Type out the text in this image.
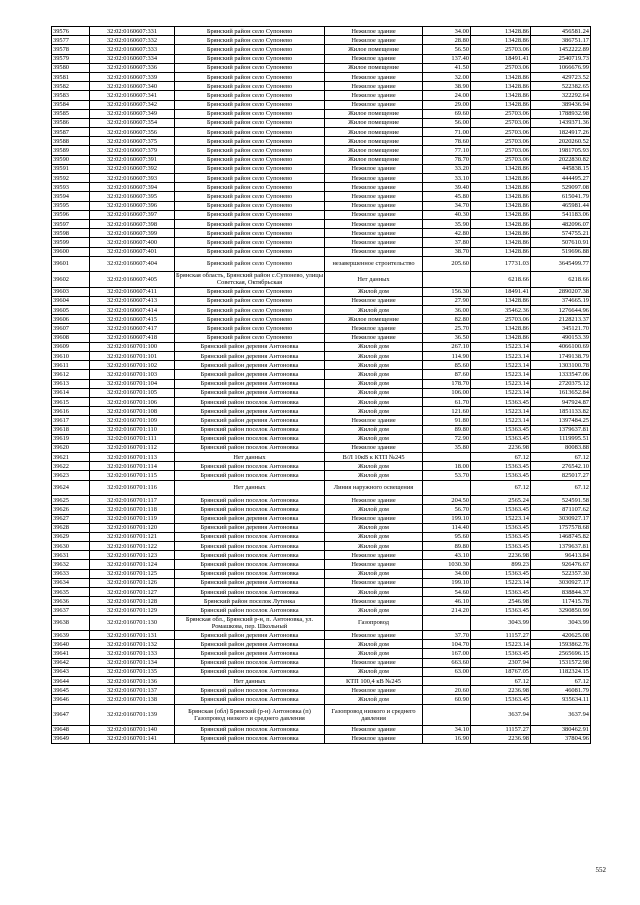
39576	32:02:0160607:331	Брянский район село Супонево	Нежилое здание	34.00	13428.86	456581.24
39577	32:02:0160607:332	Брянский район село Супонево	Нежилое здание	28.80	13428.86	386751.17
39578	32:02:0160607:333	Брянский район село Супонево	Жилое помещение	56.50	25703.06	1452222.89
39579	32:02:0160607:334	Брянский район село Супонево	Нежилое здание	137.40	18491.41	2540719.73
39580	32:02:0160607:336	Брянский район село Супонево	Жилое помещение	41.50	25703.06	1066676.99
39581	32:02:0160607:339	Брянский район село Супонево	Нежилое здание	32.00	13428.86	429723.52
39582	32:02:0160607:340	Брянский район село Супонево	Нежилое здание	38.90	13428.86	522382.65
39583	32:02:0160607:341	Брянский район село Супонево	Нежилое здание	24.00	13428.86	322292.64
39584	32:02:0160607:342	Брянский район село Супонево	Нежилое здание	29.00	13428.86	389436.94
39585	32:02:0160607:349	Брянский район село Супонево	Жилое помещение	69.60	25703.06	1788932.98
39586	32:02:0160607:354	Брянский район село Супонево	Жилое помещение	56.00	25703.06	1439371.36
39587	32:02:0160607:356	Брянский район село Супонево	Жилое помещение	71.00	25703.06	1824917.26
39588	32:02:0160607:375	Брянский район село Супонево	Жилое помещение	78.60	25703.06	2020260.52
39589	32:02:0160607:379	Брянский район село Супонево	Жилое помещение	77.10	25703.06	1981705.93
39590	32:02:0160607:391	Брянский район село Супонево	Жилое помещение	78.70	25703.06	2022830.82
39591	32:02:0160607:392	Брянский район село Супонево	Нежилое здание	33.20	13428.86	445838.15
39592	32:02:0160607:393	Брянский район село Супонево	Нежилое здание	33.10	13428.86	444495.27
39593	32:02:0160607:394	Брянский район село Супонево	Нежилое здание	39.40	13428.86	529097.08
39594	32:02:0160607:395	Брянский район село Супонево	Нежилое здание	45.80	13428.86	615041.79
39595	32:02:0160607:396	Брянский район село Супонево	Нежилое здание	34.70	13428.86	465981.44
39596	32:02:0160607:397	Брянский район село Супонево	Нежилое здание	40.30	13428.86	541183.06
39597	32:02:0160607:398	Брянский район село Супонево	Нежилое здание	35.90	13428.86	482096.07
39598	32:02:0160607:399	Брянский район село Супонево	Нежилое здание	42.80	13428.86	574755.21
39599	32:02:0160607:400	Брянский район село Супонево	Нежилое здание	37.80	13428.86	507610.91
39600	32:02:0160607:401	Брянский район село Супонево	Нежилое здание	38.70	13428.86	519696.88
39601	32:02:0160607:404	Брянский район село Супонево	незавершенное строительство	205.60	17731.03	3645499.77
39602	32:02:0160607:405	Брянская область, Брянский район с.Супонево, улицы Советская, Октябрьская	Нет данных		6218.66	6218.66
39603	32:02:0160607:411	Брянский район село Супонево	Жилой дом	156.30	18491.41	2890207.38
39604	32:02:0160607:413	Брянский район село Супонево	Нежилое здание	27.90	13428.86	374665.19
39605	32:02:0160607:414	Брянский район село Супонево	Жилой дом	36.00	35462.36	1276644.96
39606	32:02:0160607:415	Брянский район село Супонево	Жилое помещение	82.80	25703.06	2128213.37
39607	32:02:0160607:417	Брянский район село Супонево	Нежилое здание	25.70	13428.86	345121.70
39608	32:02:0160607:418	Брянский район село Супонево	Нежилое здание	36.50	13428.86	490153.39
39609	32:02:0160701:100	Брянский район деревня Антоновка	Жилой дом	267.10	15223.14	4066100.69
39610	32:02:0160701:101	Брянский район деревня Антоновка	Жилой дом	114.90	15223.14	1749138.79
39611	32:02:0160701:102	Брянский район деревня Антоновка	Жилой дом	85.60	15223.14	1303100.78
39612	32:02:0160701:103	Брянский район деревня Антоновка	Жилой дом	87.60	15223.14	1333547.06
39613	32:02:0160701:104	Брянский район деревня Антоновка	Жилой дом	178.70	15223.14	2720375.12
39614	32:02:0160701:105	Брянский район деревня Антоновка	Жилой дом	106.00	15223.14	1613652.84
39615	32:02:0160701:106	Брянский район поселок Антоновка	Жилой дом	61.70	15363.45	947924.87
39616	32:02:0160701:108	Брянский район деревня Антоновка	Жилой дом	121.60	15223.14	1851133.82
39617	32:02:0160701:109	Брянский район деревня Антоновка	Нежилое здание	91.80	15223.14	1397484.25
39618	32:02:0160701:110	Брянский район поселок Антоновка	Жилой дом	89.80	15363.45	1379637.81
39619	32:02:0160701:111	Брянский район поселок Антоновка	Жилой дом	72.90	15363.45	1119995.51
39620	32:02:0160701:112	Брянский район поселок Антоновка	Нежилое здание	35.80	2236.98	80083.88
39621	32:02:0160701:113	Нет данных	В/Л 10кВ к КТП №245		67.12	67.12
39622	32:02:0160701:114	Брянский район поселок Антоновка	Жилой дом	18.00	15363.45	276542.10
39623	32:02:0160701:115	Брянский район поселок Антоновка	Жилой дом	53.70	15363.45	825017.27
39624	32:02:0160701:116	Нет данных	Линия наружного освещения		67.12	67.12
39625	32:02:0160701:117	Брянский район поселок Антоновка	Нежилое здание	204.50	2565.24	524591.58
39626	32:02:0160701:118	Брянский район поселок Антоновка	Жилой дом	56.70	15363.45	871107.62
39627	32:02:0160701:119	Брянский район деревня Антоновка	Нежилое здание	199.10	15223.14	3030927.17
39628	32:02:0160701:120	Брянский район деревня Антоновка	Жилой дом	114.40	15363.45	1757578.68
39629	32:02:0160701:121	Брянский район поселок Антоновка	Жилой дом	95.60	15363.45	1468745.82
39630	32:02:0160701:122	Брянский район поселок Антоновка	Жилой дом	89.80	15363.45	1379637.81
39631	32:02:0160701:123	Брянский район поселок Антоновка	Нежилое здание	43.10	2236.98	96413.84
39632	32:02:0160701:124	Брянский район поселок Антоновка	Нежилое здание	1030.30	899.23	926476.67
39633	32:02:0160701:125	Брянский район поселок Антоновка	Жилой дом	34.00	15363.45	522357.30
39634	32:02:0160701:126	Брянский район деревня Антоновка	Нежилое здание	199.10	15223.14	3030927.17
39635	32:02:0160701:127	Брянский район поселок Антоновка	Жилой дом	54.60	15363.45	838844.37
39636	32:02:0160701:128	Брянский район поселок Лутенка	Нежилое здание	46.10	2546.98	117415.78
39637	32:02:0160701:129	Брянский район поселок Антоновка	Жилой дом	214.20	15363.45	3290850.99
39638	32:02:0160701:130	Брянская обл., Брянский р-н, п. Антоновка, ул. Ромашкова, пер. Школьный	Газопровод		3043.99	3043.99
39639	32:02:0160701:131	Брянский район деревня Антоновка	Нежилое здание	37.70	11157.27	420625.08
39640	32:02:0160701:132	Брянский район деревня Антоновка	Жилой дом	104.70	15223.14	1593862.76
39641	32:02:0160701:133	Брянский район деревня Антоновка	Жилой дом	167.00	15363.45	2565696.15
39642	32:02:0160701:134	Брянский район поселок Антоновка	Нежилое здание	663.60	2307.94	1531572.98
39643	32:02:0160701:135	Брянский район поселок Антоновка	Жилой дом	63.00	18767.05	1182324.15
39644	32:02:0160701:136	Нет данных	КТП 100,4 кВ №245		67.12	67.12
39645	32:02:0160701:137	Брянский район поселок Антоновка	Нежилое здание	20.60	2236.98	46081.79
39646	32:02:0160701:138	Брянский район поселок Антоновка	Жилой дом	60.90	15363.45	935634.11
39647	32:02:0160701:139	Брянская (обл) Брянский (р-н) Антоновка (п) Газопровод низкого и среднего давления	Газопровод низкого и среднего давления		3637.94	3637.94
39648	32:02:0160701:140	Брянский район поселок Антоновка	Нежилое здание	34.10	11157.27	380462.91
39649	32:02:0160701:141	Брянский район поселок Антоновка	Нежилое здание	16.90	2236.98	37804.96
552
